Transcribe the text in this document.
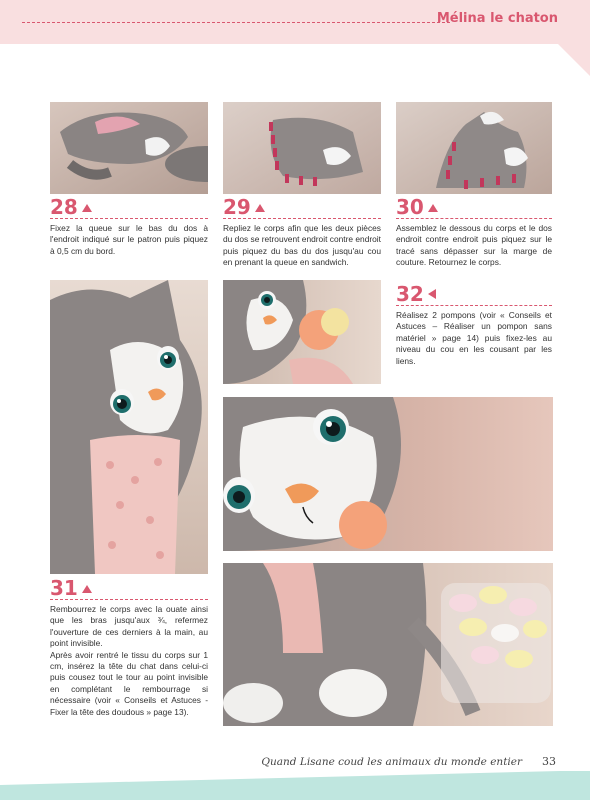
Mélina le chaton
28
Fixez la queue sur le bas du dos à l'endroit indiqué sur le patron puis piquez à 0,5 cm du bord.
29
Repliez le corps afin que les deux pièces du dos se retrouvent endroit contre endroit puis piquez du bas du dos jusqu'au cou en prenant la queue en sandwich.
30
Assemblez le dessous du corps et le dos endroit contre endroit puis piquez sur le tracé sans dépasser sur la marge de couture. Retournez le corps.
32
Réalisez 2 pompons (voir « Conseils et Astuces – Réaliser un pompon sans matériel » page 14) puis fixez-les au niveau du cou en les cousant par les liens.
31

Rembourrez le corps avec la ouate ainsi que les bras jusqu'aux ¾, refermez l'ouverture de ces derniers à la main, au point invisible.

Après avoir rentré le tissu du corps sur 1 cm, insérez la tête du chat dans celui-ci puis cousez tout le tour au point invisible en complétant le rembourrage si nécessaire (voir « Conseils et Astuces - Fixer la tête des doudous » page 13).

Quand Lisane coud les animaux du monde entier 33
